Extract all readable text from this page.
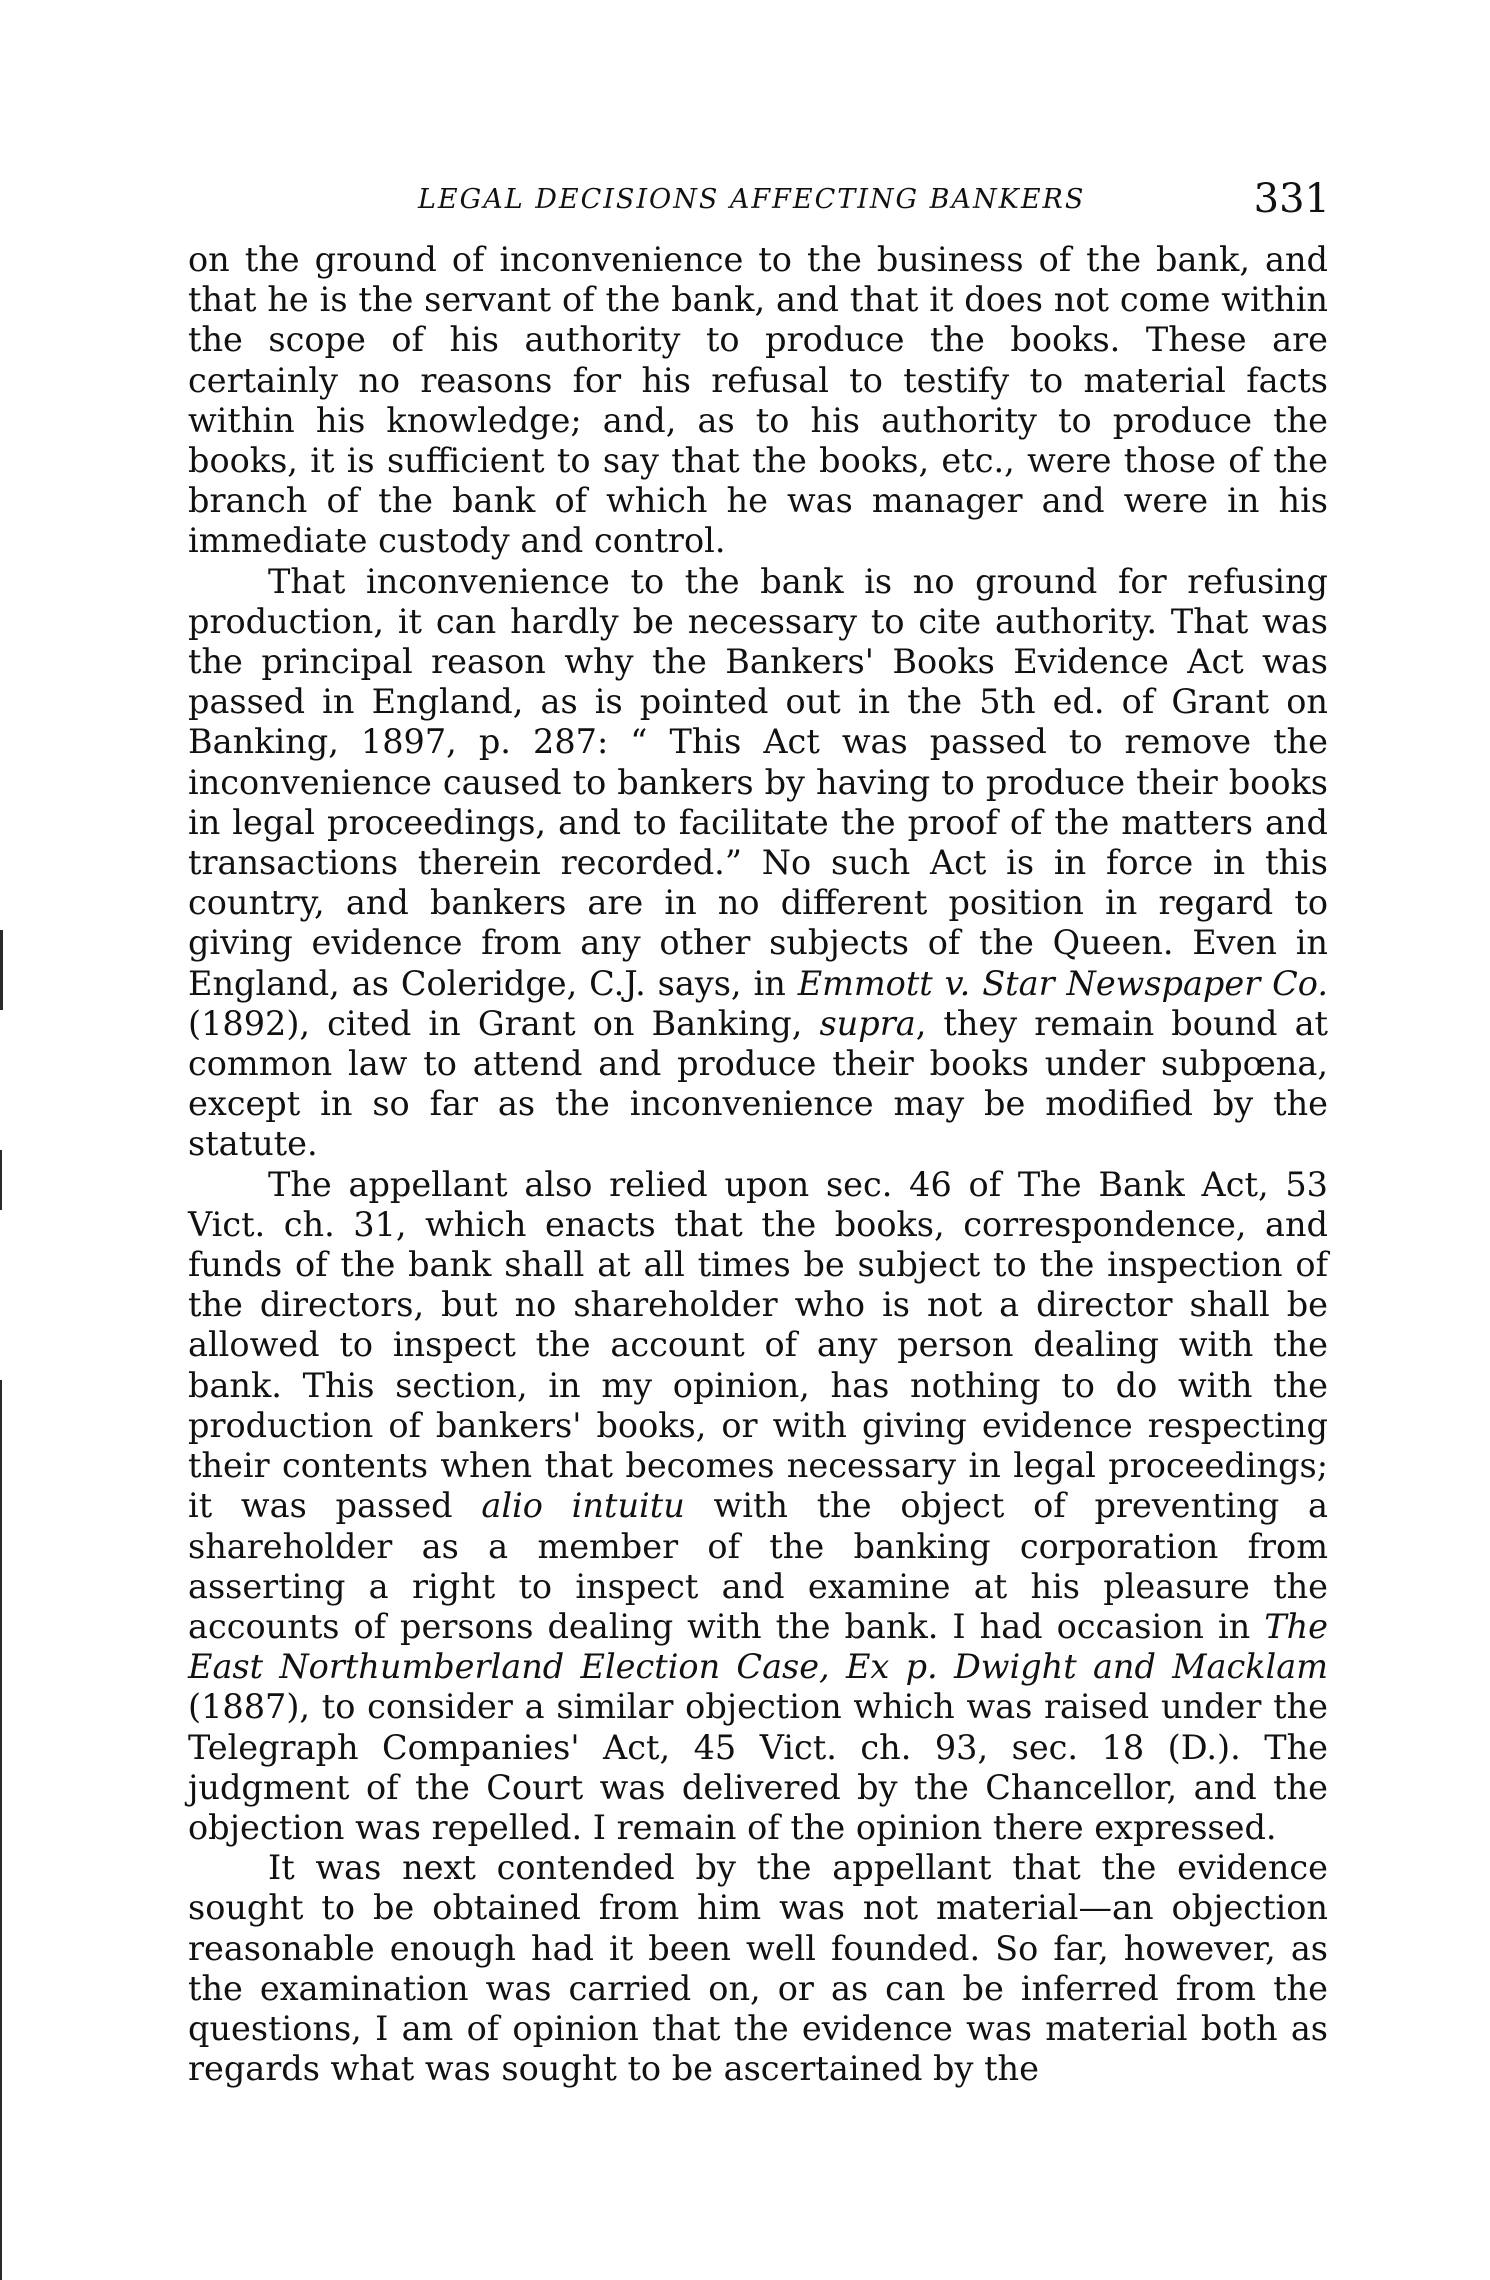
LEGAL DECISIONS AFFECTING BANKERS	331

on the ground of inconvenience to the business of the bank, and that he is the servant of the bank, and that it does not come within the scope of his authority to produce the books. These are certainly no reasons for his refusal to testify to material facts within his knowledge; and, as to his authority to produce the books, it is sufficient to say that the books, etc., were those of the branch of the bank of which he was manager and were in his immediate custody and control.

That inconvenience to the bank is no ground for refusing production, it can hardly be necessary to cite authority. That was the principal reason why the Bankers' Books Evidence Act was passed in England, as is pointed out in the 5th ed. of Grant on Banking, 1897, p. 287: “ This Act was passed to remove the inconvenience caused to bankers by having to produce their books in legal proceedings, and to facilitate the proof of the matters and transactions therein recorded.” No such Act is in force in this country, and bankers are in no different position in regard to giving evidence from any other subjects of the Queen. Even in England, as Coleridge, C.J. says, in Emmott v. Star Newspaper Co. (1892), cited in Grant on Banking, supra, they remain bound at common law to attend and produce their books under subpœna, except in so far as the inconvenience may be modified by the statute.

The appellant also relied upon sec. 46 of The Bank Act, 53 Vict. ch. 31, which enacts that the books, correspondence, and funds of the bank shall at all times be subject to the inspection of the directors, but no shareholder who is not a director shall be allowed to inspect the account of any person dealing with the bank. This section, in my opinion, has nothing to do with the production of bankers' books, or with giving evidence respecting their contents when that becomes necessary in legal proceedings; it was passed alio intuitu with the object of preventing a shareholder as a member of the banking corporation from asserting a right to inspect and examine at his pleasure the accounts of persons dealing with the bank. I had occasion in The East Northumberland Election Case, Ex p. Dwight and Macklam (1887), to consider a similar objection which was raised under the Telegraph Companies' Act, 45 Vict. ch. 93, sec. 18 (D.). The judgment of the Court was delivered by the Chancellor, and the objection was repelled. I remain of the opinion there expressed.

It was next contended by the appellant that the evidence sought to be obtained from him was not material—an objection reasonable enough had it been well founded. So far, however, as the examination was carried on, or as can be inferred from the questions, I am of opinion that the evidence was material both as regards what was sought to be ascertained by the
